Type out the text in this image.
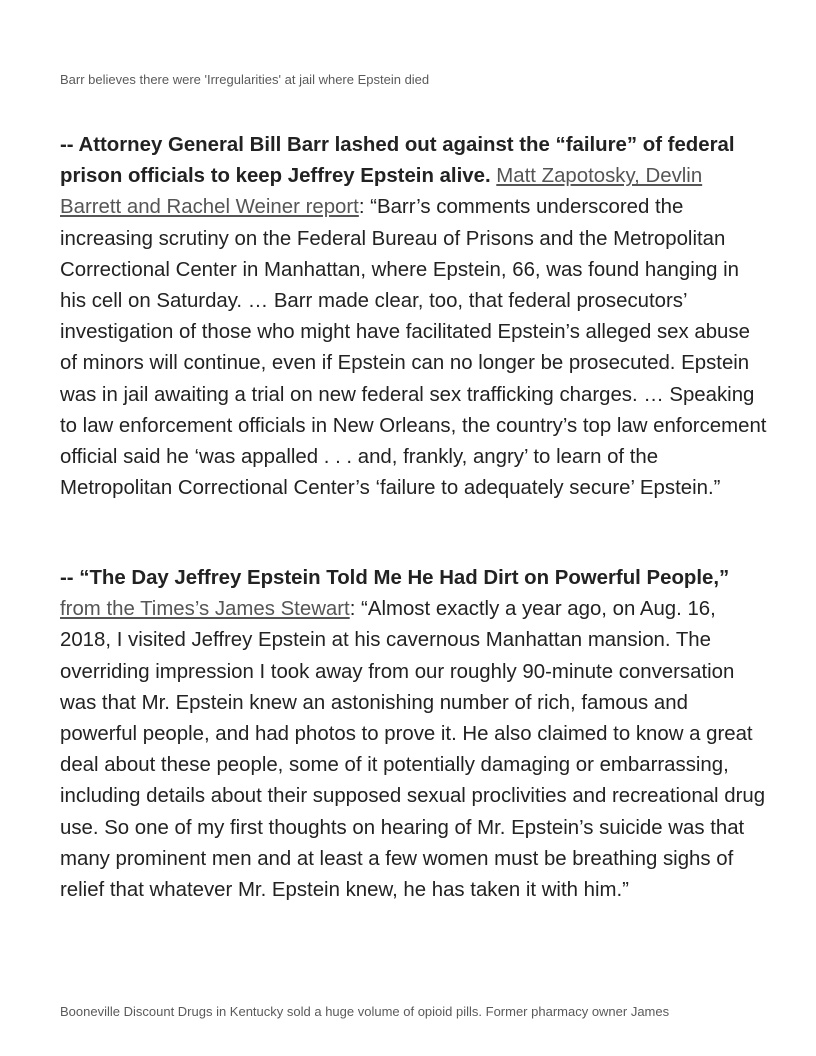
Barr believes there were 'Irregularities' at jail where Epstein died

-- Attorney General Bill Barr lashed out against the “failure” of federal prison officials to keep Jeffrey Epstein alive. Matt Zapotosky, Devlin Barrett and Rachel Weiner report: “Barr’s comments underscored the increasing scrutiny on the Federal Bureau of Prisons and the Metropolitan Correctional Center in Manhattan, where Epstein, 66, was found hanging in his cell on Saturday. … Barr made clear, too, that federal prosecutors’ investigation of those who might have facilitated Epstein’s alleged sex abuse of minors will continue, even if Epstein can no longer be prosecuted. Epstein was in jail awaiting a trial on new federal sex trafficking charges. … Speaking to law enforcement officials in New Orleans, the country’s top law enforcement official said he ‘was appalled . . . and, frankly, angry’ to learn of the Metropolitan Correctional Center’s ‘failure to adequately secure’ Epstein.”

-- “The Day Jeffrey Epstein Told Me He Had Dirt on Powerful People,” from the Times’s James Stewart: “Almost exactly a year ago, on Aug. 16, 2018, I visited Jeffrey Epstein at his cavernous Manhattan mansion. The overriding impression I took away from our roughly 90-minute conversation was that Mr. Epstein knew an astonishing number of rich, famous and powerful people, and had photos to prove it. He also claimed to know a great deal about these people, some of it potentially damaging or embarrassing, including details about their supposed sexual proclivities and recreational drug use. So one of my first thoughts on hearing of Mr. Epstein’s suicide was that many prominent men and at least a few women must be breathing sighs of relief that whatever Mr. Epstein knew, he has taken it with him.”

Booneville Discount Drugs in Kentucky sold a huge volume of opioid pills. Former pharmacy owner James
